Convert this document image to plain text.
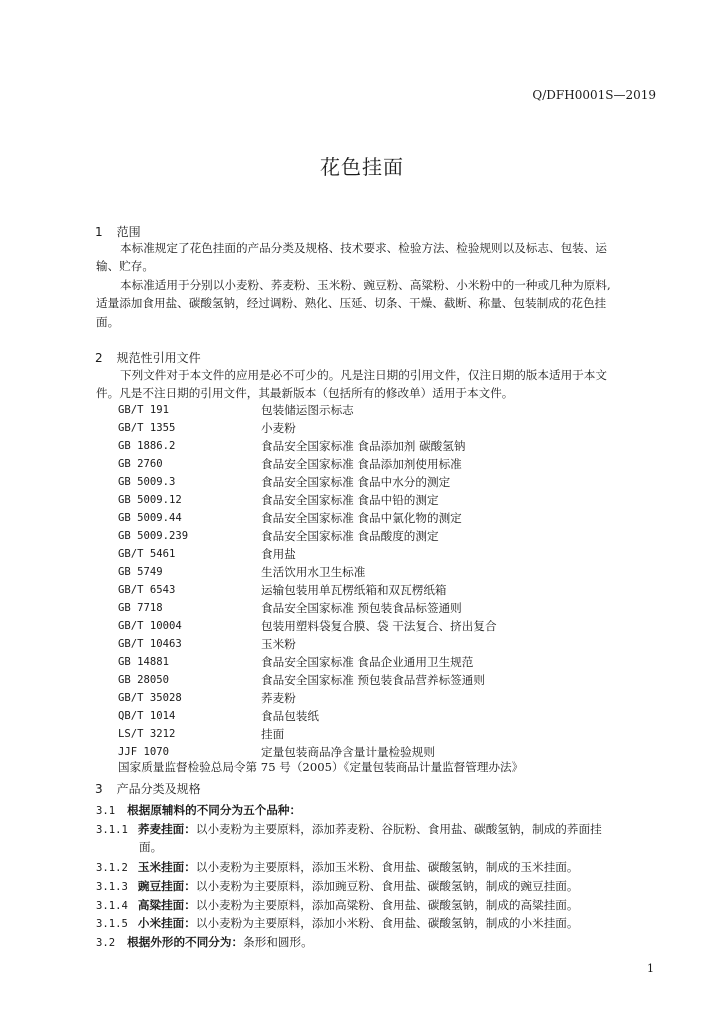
Q/DFH0001S—2019
花色挂面
1 范围
本标准规定了花色挂面的产品分类及规格、技术要求、检验方法、检验规则以及标志、包装、运
输、贮存。
本标准适用于分别以小麦粉、荞麦粉、玉米粉、豌豆粉、高粱粉、小米粉中的一种或几种为原料,
适量添加食用盐、碳酸氢钠，经过调粉、熟化、压延、切条、干燥、截断、称量、包装制成的花色挂
面。
2 规范性引用文件
下列文件对于本文件的应用是必不可少的。凡是注日期的引用文件，仅注日期的版本适用于本文
件。凡是不注日期的引用文件，其最新版本（包括所有的修改单）适用于本文件。
GB/T 191	包装储运图示标志
GB/T 1355	小麦粉
GB 1886.2	食品安全国家标准 食品添加剂 碳酸氢钠
GB 2760	食品安全国家标准 食品添加剂使用标准
GB 5009.3	食品安全国家标准 食品中水分的测定
GB 5009.12	食品安全国家标准 食品中铅的测定
GB 5009.44	食品安全国家标准 食品中氯化物的测定
GB 5009.239	食品安全国家标准 食品酸度的测定
GB/T 5461	食用盐
GB 5749	生活饮用水卫生标准
GB/T 6543	运输包装用单瓦楞纸箱和双瓦楞纸箱
GB 7718	食品安全国家标准 预包装食品标签通则
GB/T 10004	包装用塑料袋复合膜、袋 干法复合、挤出复合
GB/T 10463	玉米粉
GB 14881	食品安全国家标准 食品企业通用卫生规范
GB 28050	食品安全国家标准 预包装食品营养标签通则
GB/T 35028	荞麦粉
QB/T 1014	食品包装纸
LS/T 3212	挂面
JJF 1070	定量包装商品净含量计量检验规则
国家质量监督检验总局令第 75 号（2005）《定量包装商品计量监督管理办法》
3 产品分类及规格
3.1 根据原辅料的不同分为五个品种：
3.1.1 荞麦挂面：以小麦粉为主要原料，添加荞麦粉、谷朊粉、食用盐、碳酸氢钠，制成的荞面挂
面。
3.1.2 玉米挂面：以小麦粉为主要原料，添加玉米粉、食用盐、碳酸氢钠，制成的玉米挂面。
3.1.3 豌豆挂面：以小麦粉为主要原料，添加豌豆粉、食用盐、碳酸氢钠，制成的豌豆挂面。
3.1.4 高粱挂面：以小麦粉为主要原料，添加高粱粉、食用盐、碳酸氢钠，制成的高粱挂面。
3.1.5 小米挂面：以小麦粉为主要原料，添加小米粉、食用盐、碳酸氢钠，制成的小米挂面。
3.2 根据外形的不同分为：条形和圆形。
1
